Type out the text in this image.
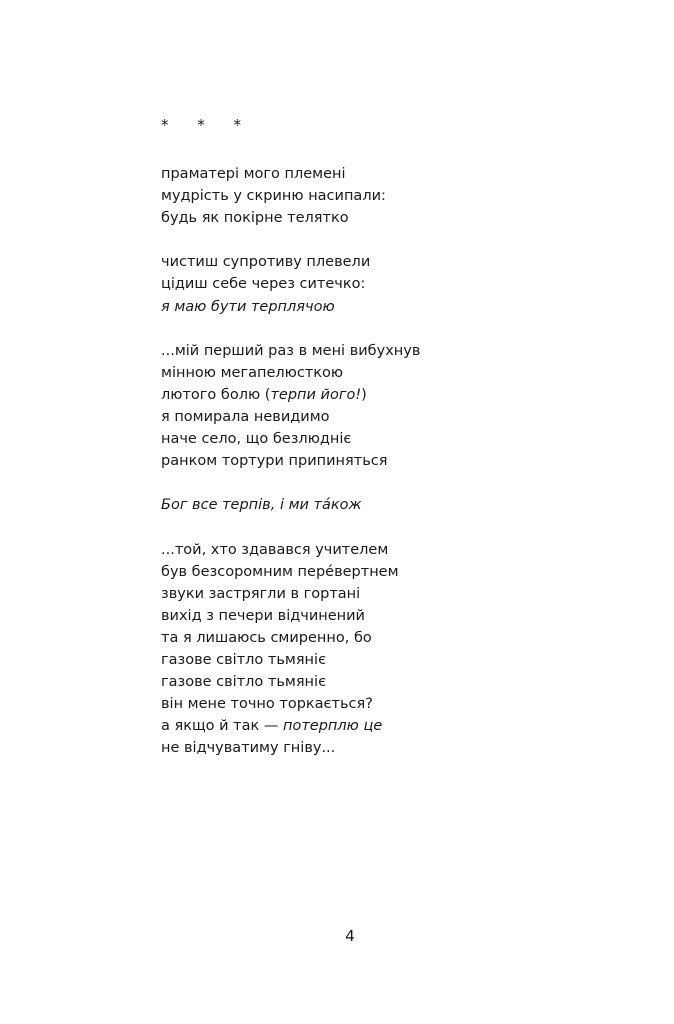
* * *
праматері̇ мого племені
мудрість у скриню насипали:
будь як покірне телятко
чистиш супротиву плевели
цідиш себе через ситечко:
я маю бути терплячою
...мій перший раз в мені вибухнув
мінною мегапелюсткою
лютого болю (терпи його!)
я помирала невидимо
наче село, що безлюдніє
ранком тортури припиняться
Бог все терпів, і ми тáкож
...той, хто здавався учителем
був безсоромним перéвертнем
звуки застрягли в гортані
вихід з печери відчинений
та я лишаюсь смиренно, бо
газове світло тьмяніє
газове світло тьмяніє
він мене точно торкається?
а якщо й так — потерплю це
не відчуватиму гніву...
4
